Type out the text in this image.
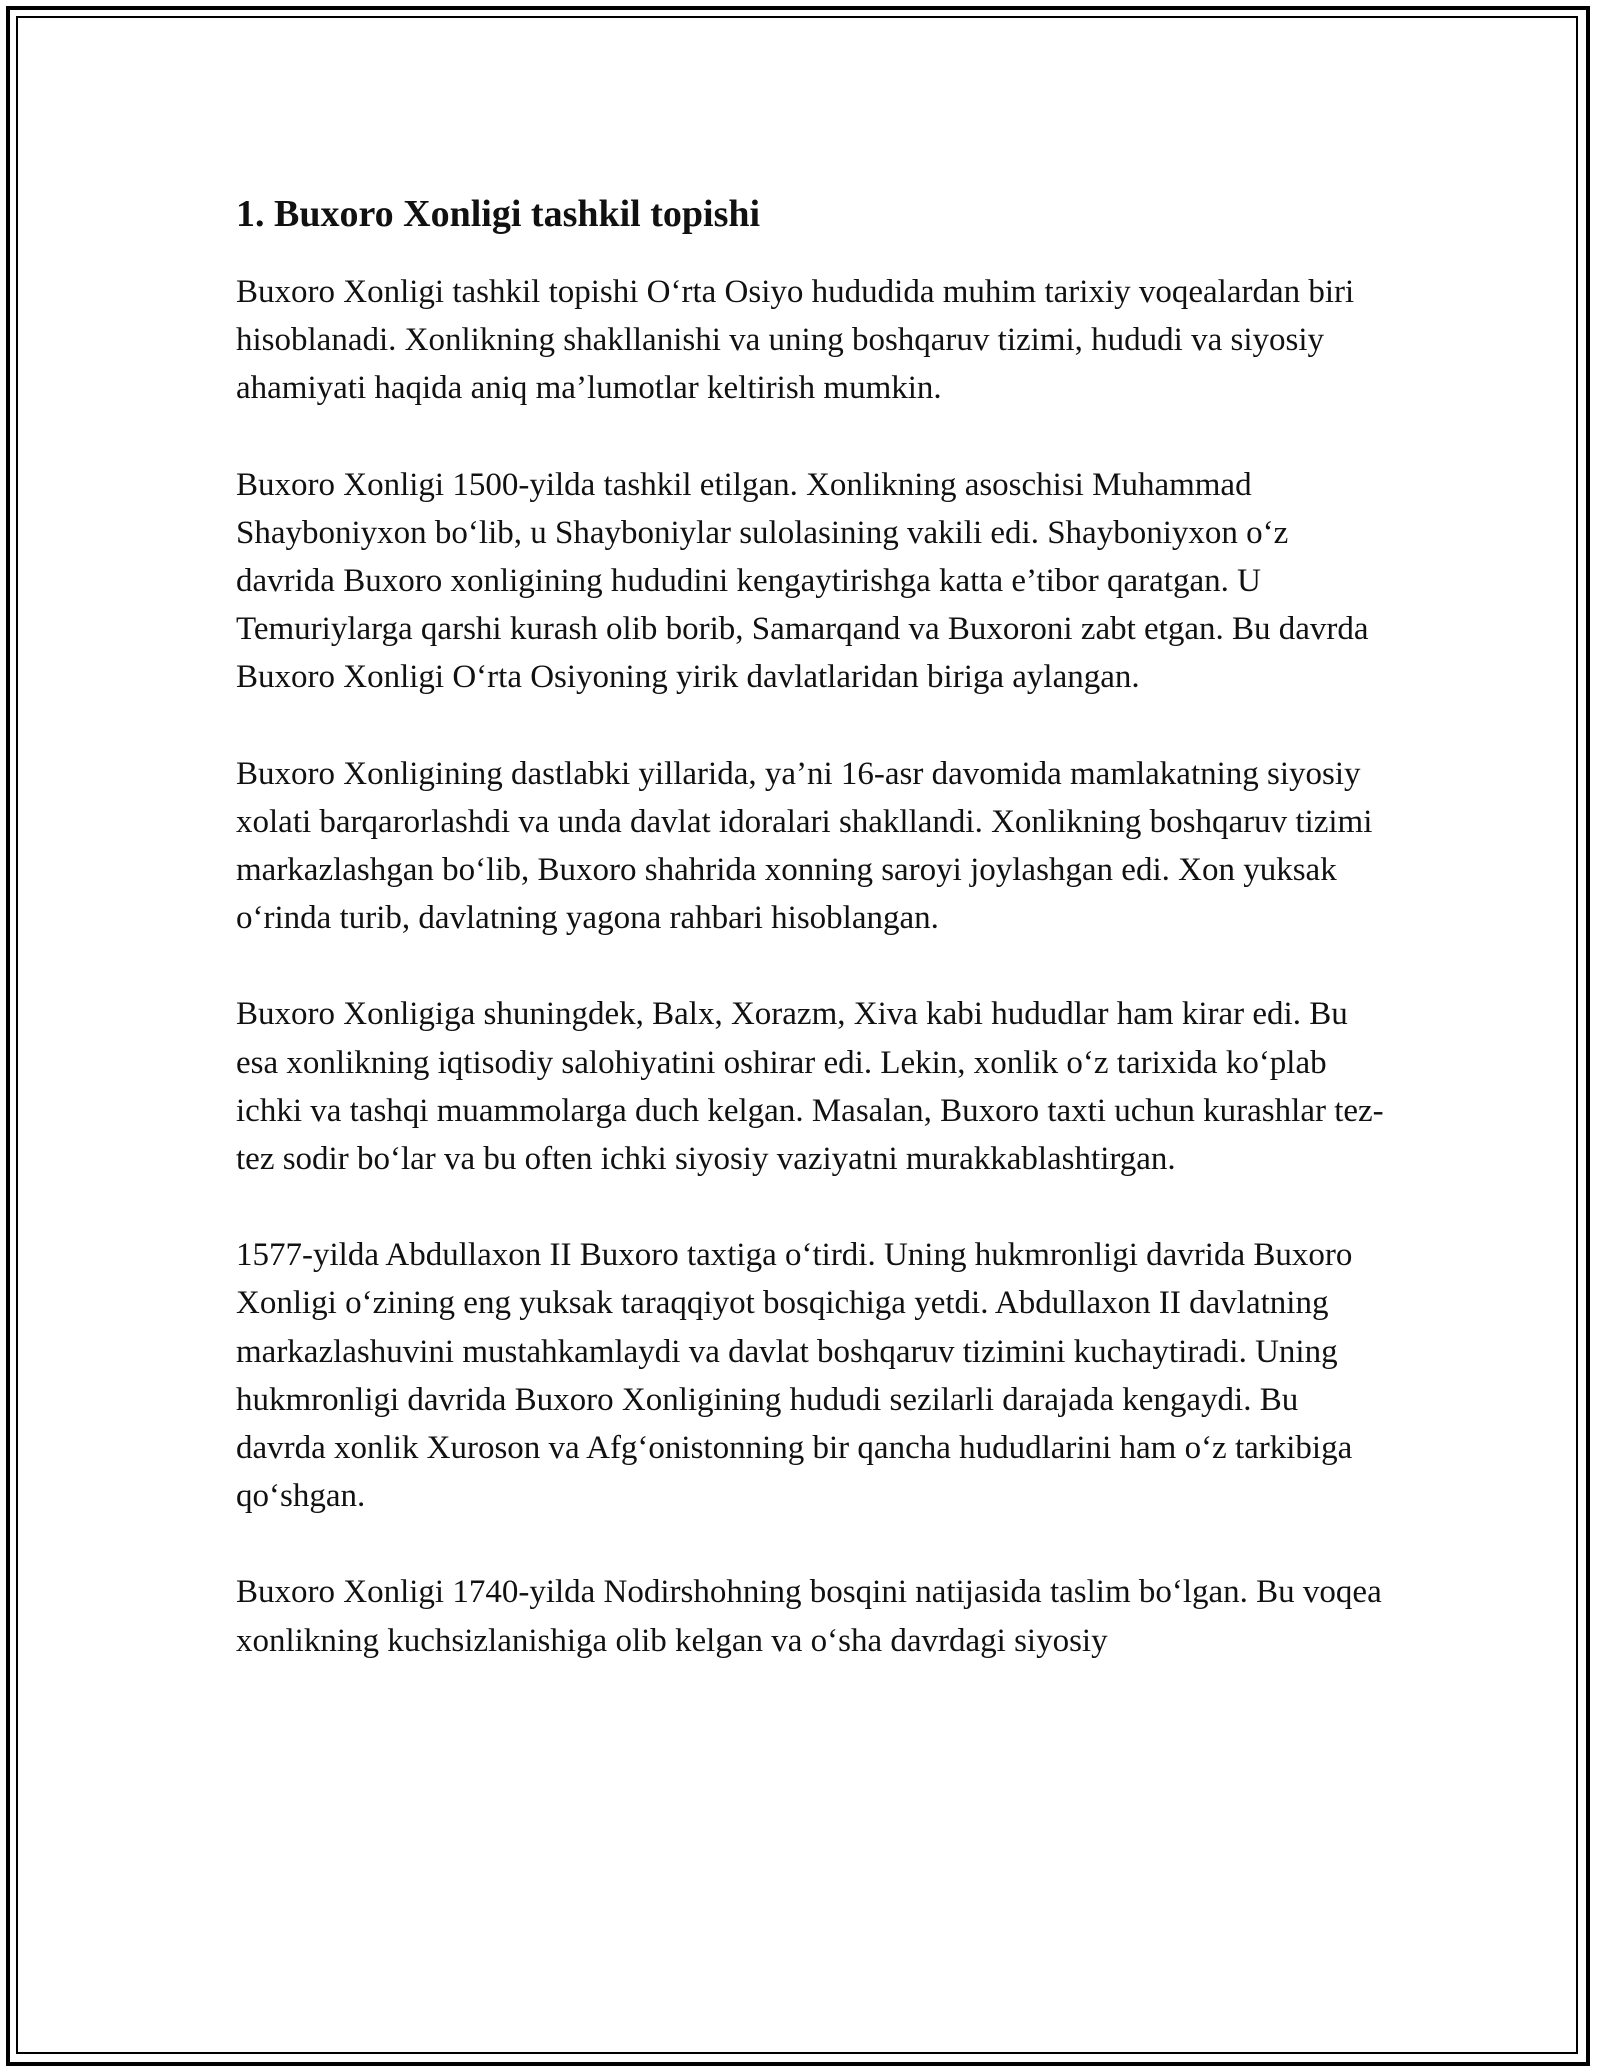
1. Buxoro Xonligi tashkil topishi

Buxoro Xonligi tashkil topishi O‘rta Osiyo hududida muhim tarixiy voqealardan biri hisoblanadi. Xonlikning shakllanishi va uning boshqaruv tizimi, hududi va siyosiy ahamiyati haqida aniq ma’lumotlar keltirish mumkin.

Buxoro Xonligi 1500-yilda tashkil etilgan. Xonlikning asoschisi Muhammad Shayboniyxon bo‘lib, u Shayboniylar sulolasining vakili edi. Shayboniyxon o‘z davrida Buxoro xonligining hududini kengaytirishga katta e’tibor qaratgan. U Temuriylarga qarshi kurash olib borib, Samarqand va Buxoroni zabt etgan. Bu davrda Buxoro Xonligi O‘rta Osiyoning yirik davlatlaridan biriga aylangan.

Buxoro Xonligining dastlabki yillarida, ya’ni 16-asr davomida mamlakatning siyosiy xolati barqarorlashdi va unda davlat idoralari shakllandi. Xonlikning boshqaruv tizimi markazlashgan bo‘lib, Buxoro shahrida xonning saroyi joylashgan edi. Xon yuksak o‘rinda turib, davlatning yagona rahbari hisoblangan.

Buxoro Xonligiga shuningdek, Balx, Xorazm, Xiva kabi hududlar ham kirar edi. Bu esa xonlikning iqtisodiy salohiyatini oshirar edi. Lekin, xonlik o‘z tarixida ko‘plab ichki va tashqi muammolarga duch kelgan. Masalan, Buxoro taxti uchun kurashlar tez-tez sodir bo‘lar va bu often ichki siyosiy vaziyatni murakkablashtirgan.

1577-yilda Abdullaxon II Buxoro taxtiga o‘tirdi. Uning hukmronligi davrida Buxoro Xonligi o‘zining eng yuksak taraqqiyot bosqichiga yetdi. Abdullaxon II davlatning markazlashuvini mustahkamlaydi va davlat boshqaruv tizimini kuchaytiradi. Uning hukmronligi davrida Buxoro Xonligining hududi sezilarli darajada kengaydi. Bu davrda xonlik Xuroson va Afg‘onistonning bir qancha hududlarini ham o‘z tarkibiga qo‘shgan.

Buxoro Xonligi 1740-yilda Nodirshohning bosqini natijasida taslim bo‘lgan. Bu voqea xonlikning kuchsizlanishiga olib kelgan va o‘sha davrdagi siyosiy
